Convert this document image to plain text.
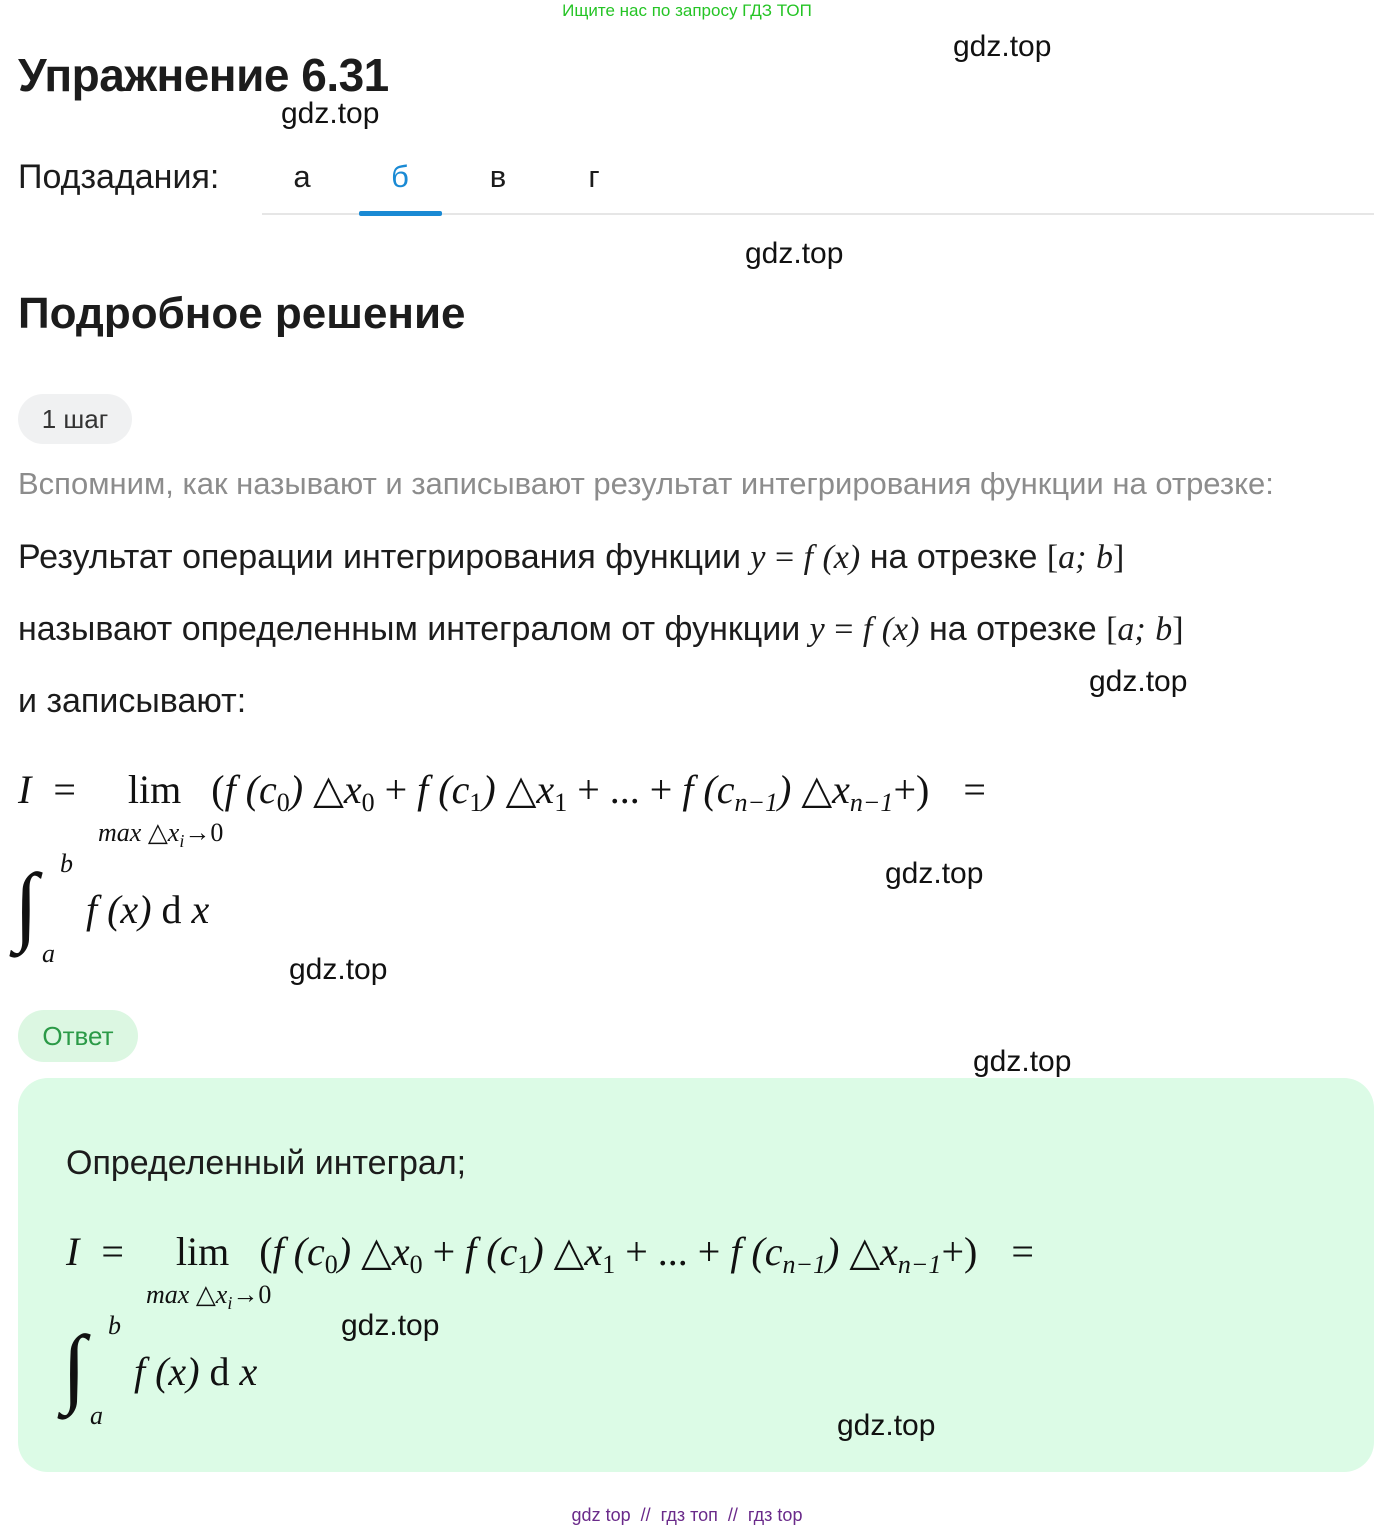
Ищите нас по запросу ГДЗ ТОП
gdz.top
gdz.top
gdz.top
gdz.top
gdz.top
gdz.top
gdz.top
Упражнение 6.31
Подзадания:	а	б	в	г
Подробное решение
1 шаг
Вспомним, как называют и записывают результат интегрирования функции на отрезке:
Результат операции интегрирования функции y = f (x) на отрезке [a; b]
называют определенным интегралом от функции y = f (x) на отрезке [a; b]
и записывают:
I = lim (f $(c_0)$ $\triangle x_0 + f$ $(c_1)$ $\triangle x_1$ + ... + f $(c_{n-1})$ $\triangle x_{n-1}+$) =
$\max \triangle x_i\to 0$
∫ b
a
f (x) d x
Ответ
Определенный интеграл;
I = lim (f $(c_0)$ $\triangle x_0 + f$ $(c_1)$ $\triangle x_1$ + ... + f $(c_{n-1})$ $\triangle x_{n-1}+$) =
$\max \triangle x_i\to 0$
∫ b
a
f (x) d x
gdz.top
gdz.top
gdz top  //  гдз топ  //  гдз top
